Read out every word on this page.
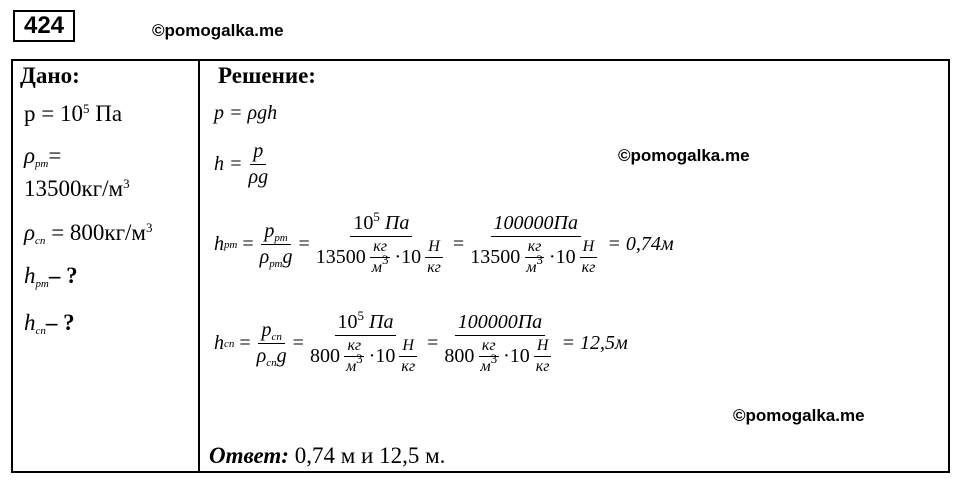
424	©pomogalka.me
Дано:
$p = 10^5$ Па
$\rho_{рт}=$
$13500кг/м^3$
$\rho_{сп} = 800кг/м^3$
$h_{рт}-$ ?
$h_{сп}-$ ?
Решение:
p = ρgh
$h = \frac{p}{\rho g}$	©pomogalka.me
h рт = $\frac{p_{рт}}{\rho_{рт}g} = \frac{10^5 Па}{13500 \frac{кг}{м^3} \cdot 10 \frac{Н}{кг}} = \frac{100000Па}{13500 \frac{кг}{м^3} \cdot 10 \frac{Н}{кг}} = 0,74м$
h сп = $\frac{p_{сп}}{\rho_{сп}g} = \frac{10^5 Па}{800 \frac{кг}{м^3} \cdot 10 \frac{Н}{кг}} = \frac{100000Па}{800 \frac{кг}{м^3} \cdot 10 \frac{Н}{кг}} = 12,5м$
©pomogalka.me
Ответ: 0,74 м и 12,5 м.
